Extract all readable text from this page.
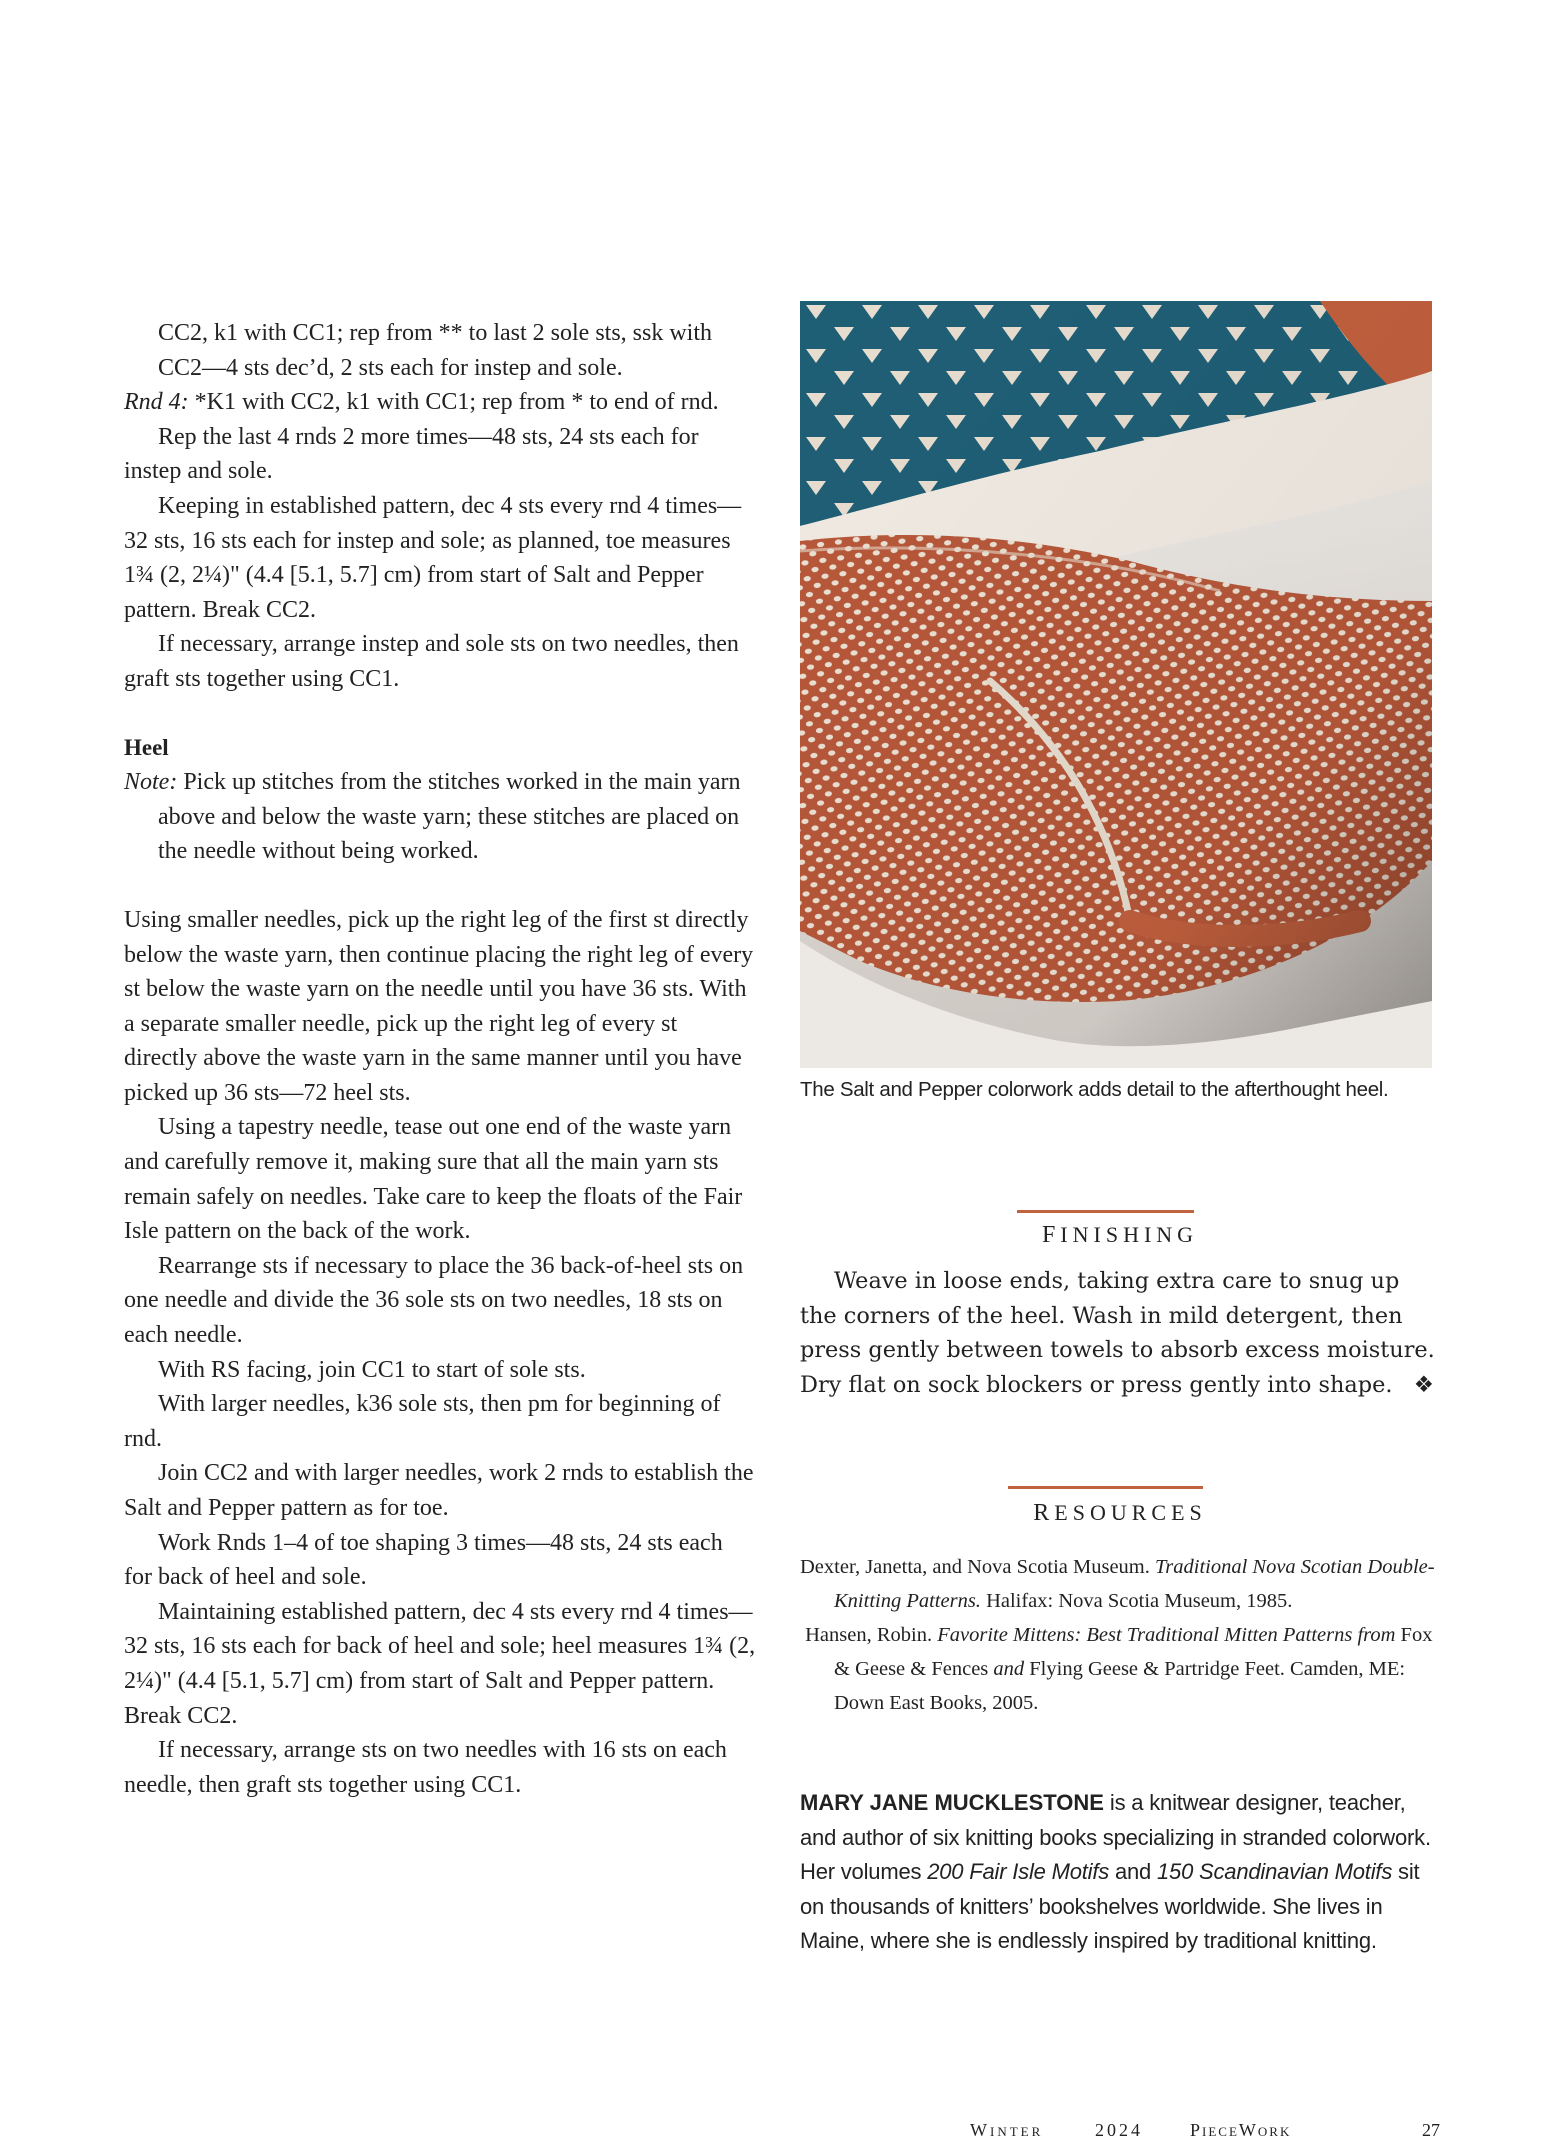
CC2, k1 with CC1; rep from ** to last 2 sole sts, ssk with CC2—4 sts dec’d, 2 sts each for instep and sole.

Rnd 4: *K1 with CC2, k1 with CC1; rep from * to end of rnd.

Rep the last 4 rnds 2 more times—48 sts, 24 sts each for instep and sole.

Keeping in established pattern, dec 4 sts every rnd 4 times—32 sts, 16 sts each for instep and sole; as planned, toe measures 1¾ (2, 2¼)" (4.4 [5.1, 5.7] cm) from start of Salt and Pepper pattern. Break CC2.

If necessary, arrange instep and sole sts on two needles, then graft sts together using CC1.

Heel

Note: Pick up stitches from the stitches worked in the main yarn above and below the waste yarn; these stitches are placed on the needle without being worked.

Using smaller needles, pick up the right leg of the first st directly below the waste yarn, then continue placing the right leg of every st below the waste yarn on the needle until you have 36 sts. With a separate smaller needle, pick up the right leg of every st directly above the waste yarn in the same manner until you have picked up 36 sts—72 heel sts.

Using a tapestry needle, tease out one end of the waste yarn and carefully remove it, making sure that all the main yarn sts remain safely on needles. Take care to keep the floats of the Fair Isle pattern on the back of the work.

Rearrange sts if necessary to place the 36 back-of-heel sts on one needle and divide the 36 sole sts on two needles, 18 sts on each needle.

With RS facing, join CC1 to start of sole sts.

With larger needles, k36 sole sts, then pm for beginning of rnd.

Join CC2 and with larger needles, work 2 rnds to establish the Salt and Pepper pattern as for toe.

Work Rnds 1–4 of toe shaping 3 times—48 sts, 24 sts each for back of heel and sole.

Maintaining established pattern, dec 4 sts every rnd 4 times—32 sts, 16 sts each for back of heel and sole; heel measures 1¾ (2, 2¼)" (4.4 [5.1, 5.7] cm) from start of Salt and Pepper pattern. Break CC2.

If necessary, arrange sts on two needles with 16 sts on each needle, then graft sts together using CC1.

The Salt and Pepper colorwork adds detail to the afterthought heel.
FINISHING

Weave in loose ends, taking extra care to snug up the corners of the heel. Wash in mild detergent, then press gently between towels to absorb excess moisture. Dry flat on sock blockers or press gently into shape. ❖

RESOURCES

Dexter, Janetta, and Nova Scotia Museum. Traditional Nova Scotian Double-Knitting Patterns. Halifax: Nova Scotia Museum, 1985.

Hansen, Robin. Favorite Mittens: Best Traditional Mitten Patterns from Fox & Geese & Fences and Flying Geese & Partridge Feet. Camden, ME: Down East Books, 2005.

MARY JANE MUCKLESTONE is a knitwear designer, teacher, and author of six knitting books specializing in stranded colorwork. Her volumes 200 Fair Isle Motifs and 150 Scandinavian Motifs sit on thousands of knitters’ bookshelves worldwide. She lives in Maine, where she is endlessly inspired by traditional knitting.

Winter	2024	PieceWork	27
